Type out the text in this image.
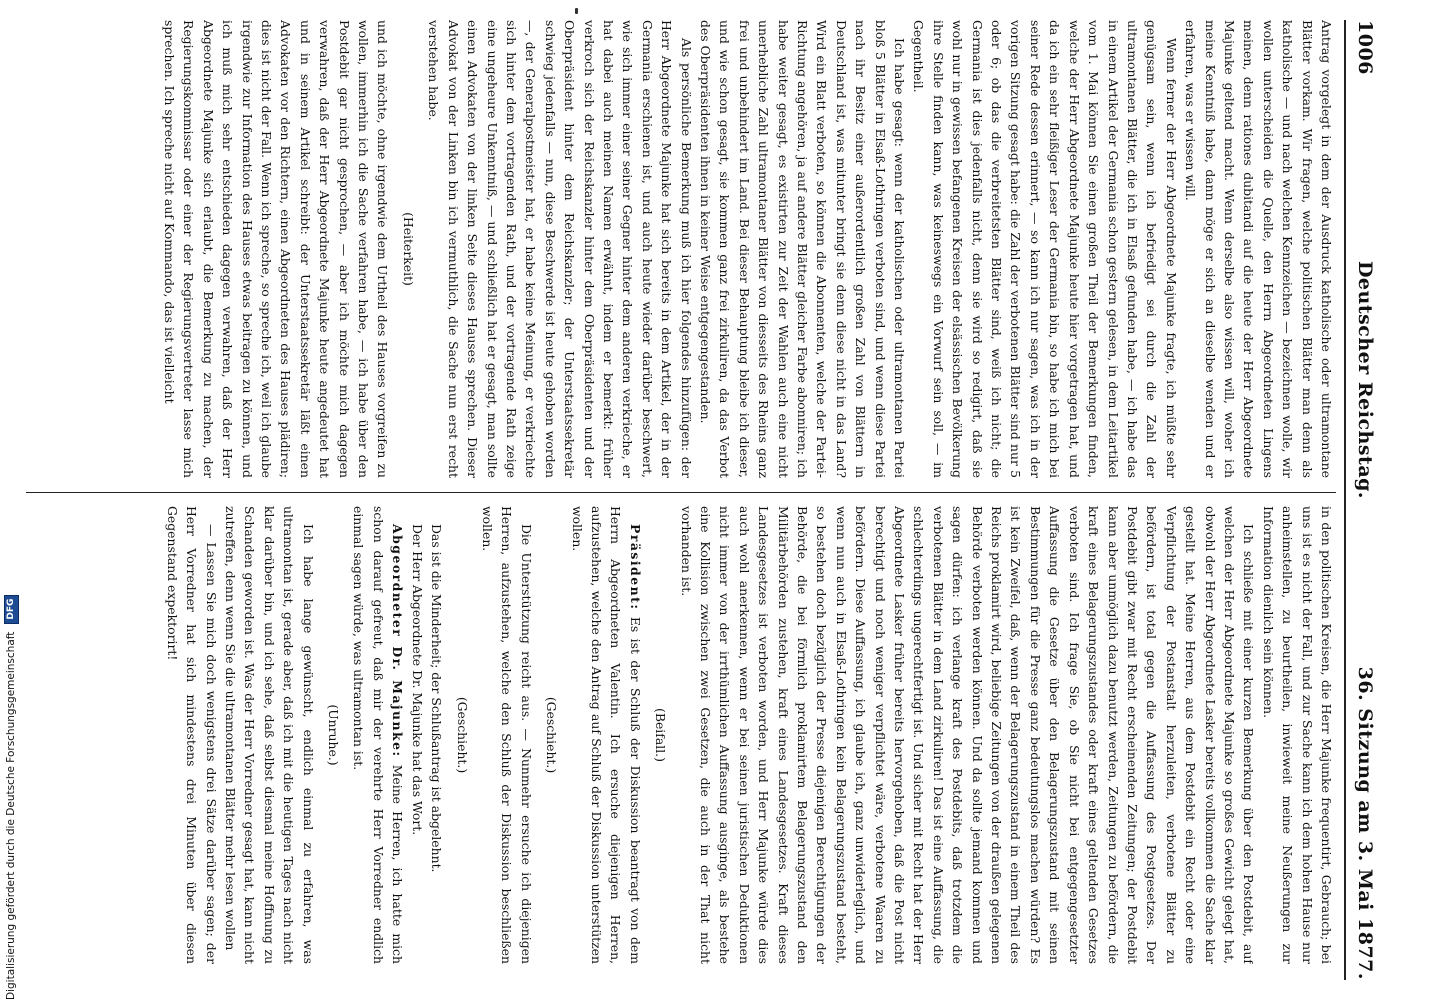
1006
Deutscher Reichstag.
36. Sitzung am 3. Mai 1877.

Antrag vorgelegt in dem der Ausdruck katholische oder ultramontane Blätter vorkam. Wir fragen, welche politischen Blätter man denn als katholische — und nach welchen Kennzeichen — bezeichnen wolle, wir wollen unterscheiden die Quelle, den Herrn Abgeordneten Lingens meinen, denn rationes dubitandi auf die heute der Herr Abgeordnete Majunke geltend macht. Wenn derselbe also wissen will, woher ich meine Kenntniß habe, dann möge er sich an dieselbe wenden und er erfahren, was er wissen will.

Wenn ferner der Herr Abgeordnete Majunke fragte, ich müßte sehr genügsam sein, wenn ich befriedigt sei durch die Zahl der ultramontanen Blätter, die ich in Elsaß gefunden habe, — ich habe das in einem Artikel der Germania schon gestern gelesen, in dem Leitartikel vom 1. Mai können Sie einen großen Theil der Bemerkungen finden, welche der Herr Abgeordnete Majunke heute hier vorgetragen hat, und da ich ein sehr fleißiger Leser der Germania bin, so habe ich mich bei seiner Rede dessen erinnert, — so kann ich nur sagen, was ich in der vorigen Sitzung gesagt habe: die Zahl der verbotenen Blätter sind nur 5 oder 6; ob das die verbreitetsten Blätter sind, weiß ich nicht; die Germania ist dies jedenfalls nicht, denn sie wird so redigirt, daß sie wohl nur in gewissen befangenen Kreisen der elsässischen Bevölkerung ihre Stelle finden kann, was keineswegs ein Vorwurf sein soll, — im Gegentheil.

Ich habe gesagt: wenn der katholischen oder ultramontanen Partei bloß 5 Blätter in Elsaß-Lothringen verboten sind, und wenn diese Partei nach ihr Besitz einer außerordentlich großen Zahl von Blättern in Deutschland ist, was mitunter bringt sie denn diese nicht in das Land? Wird ein Blatt verboten, so können die Abonnenten, welche der Partei-Richtung angehören, ja auf andere Blätter gleicher Farbe abonniren; ich habe weiter gesagt, es existirten zur Zeit der Wahlen auch eine nicht unerhebliche Zahl ultramontaner Blätter von diesseits des Rheins ganz frei und unbehindert im Land. Bei dieser Behauptung bleibe ich dieser, und wie schon gesagt, sie kommen ganz frei zirkuliren, da das Verbot des Oberpräsidenten ihnen in keiner Weise entgegengestanden.

Als persönliche Bemerkung muß ich hier folgendes hinzufügen: der Herr Abgeordnete Majunke hat sich bereits in dem Artikel, der in der Germania erschienen ist, und auch heute wieder darüber beschwert, wie sich immer einer seiner Gegner hinter dem anderen verkrieche, er hat dabei auch meinen Namen erwähnt, indem er bemerkt: früher verkroch sich der Reichskanzler hinter dem Oberpräsidenten und der Oberpräsident hinter dem Reichskanzler; der Unterstaatssekretär schwieg jedenfalls — nun, diese Beschwerde ist heute gehoben worden —, der Generalpostmeister hat, er habe keine Meinung, er verkriechte sich hinter dem vortragenden Rath, und der vortragende Rath zeige eine ungeheure Unkenntniß, — und schließlich hat er gesagt, man sollte einen Advokaten von der linken Seite dieses Hauses sprechen. Dieser Advokat von der Linken bin ich vermuthlich, die Sache nun erst recht verstehen habe.

(Heiterkeit)

und ich möchte, ohne irgendwie dem Urtheil des Hauses vorgreifen zu wollen, immerhin ich die Sache verfahren habe, — ich habe über den Postdebit gar nicht gesprochen, — aber ich möchte mich dagegen verwahren, daß der Herr Abgeordnete Majunke heute angedeutet hat und in seinem Artikel schreibt: der Unterstaatssekretär läßt einen Advokaten vor den Richtern, einen Abgeordneten des Hauses plädiren; dies ist nicht der Fall. Wenn ich spreche, so spreche ich, weil ich glaube irgendwie zur Information des Hauses etwas beitragen zu können, und ich muß mich sehr entschieden dagegen verwahren, daß der Herr Abgeordnete Majunke sich erlaubt, die Bemerkung zu machen, der Regierungskommissar oder einer der Regierungsvertreter lasse mich sprechen. Ich spreche nicht auf Kommando, das ist vielleicht

in den politischen Kreisen, die Herr Majunke frequentirt, Gebrauch; bei uns ist es nicht der Fall, und zur Sache kann ich dem hohen Hause nur anheimstellen, zu beurtheilen, inwieweit meine Neußerungen zur Information dienlich sein können.

Ich schließe mit einer kurzen Bemerkung über den Postdebit, auf welchen der Herr Abgeordnete Majunke so großes Gewicht gelegt hat, obwohl der Herr Abgeordnete Lasker bereits vollkommen die Sache klar gestellt hat. Meine Herren, aus dem Postdebit ein Recht oder eine Verpflichtung der Postanstalt herzuleiten, verbotene Blätter zu befördern, ist total gegen die Auffassung des Postgesetzes. Der Postdebit gibt zwar mit Recht erscheinenden Zeitungen; der Postdebit kann aber unmöglich dazu benutzt werden, Zeitungen zu befördern, die kraft eines Belagerungszustandes oder kraft eines geltenden Gesetzes verboten sind. Ich frage Sie, ob Sie nicht bei entgegengesetzter Auffassung die Gesetze über den Belagerungszustand mit seinen Bestimmungen für die Presse ganz bedeutungslos machen würden? Es ist kein Zweifel, daß, wenn der Belagerungszustand in einem Theil des Reichs proklamirt wird, beliebige Zeitungen von der draußen gelegenen Behörde verboten werden können. Und da sollte jemand kommen und sagen dürfen: ich verlange kraft des Postdebits, daß trotzdem die verbotenen Blätter in dem Land zirkuliren! Das ist eine Auffassung, die schlechterdings ungerechtfertigt ist. Und sicher mit Recht hat der Herr Abgeordnete Lasker früher bereits hervorgehoben, daß die Post nicht berechtigt und noch weniger verpflichtet wäre, verbotene Waaren zu befördern. Diese Auffassung, ich glaube ich, ganz unwiderleglich, und wenn nun auch in Elsaß-Lothringen kein Belagerungszustand besteht, so bestehen doch bezüglich der Presse diejenigen Berechtigungen der Behörde, die bei förmlich proklamirtem Belagerungszustand den Militärbehörden zustehen, kraft eines Landesgesetzes. Kraft dieses Landesgesetzes ist verboten worden, und Herr Majunke würde dies auch wohl anerkennen, wenn er bei seinen juristischen Deduktionen nicht immer von der irrthümlichen Auffassung ausginge, als bestehe eine Kollision zwischen zwei Gesetzen, die auch in der That nicht vorhanden ist.

(Beifall.)

Präsident: Es ist der Schluß der Diskussion beantragt von dem Herrn Abgeordneten Valentin. Ich ersuche diejenigen Herren, aufzustehen, welche den Antrag auf Schluß der Diskussion unterstützen wollen.

(Geschieht.)

Die Unterstützung reicht aus. — Nunmehr ersuche ich diejenigen Herren, aufzustehen, welche den Schluß der Diskussion beschließen wollen.

(Geschieht.)

Das ist die Minderheit; der Schlußantrag ist abgelehnt.

Der Herr Abgeordnete Dr. Majunke hat das Wort.

Abgeordneter Dr. Majunke: Meine Herren, ich hatte mich schon darauf gefreut, daß mir der verehrte Herr Vorredner endlich einmal sagen würde, was ultramontan ist.

(Unruhe.)

Ich habe lange gewünscht, endlich einmal zu erfahren, was ultramontan ist, gerade aber, daß ich mit die heutigen Tages nach nicht klar darüber bin, und ich sehe, daß selbst diesmal meine Hoffnung zu Schanden geworden ist. Was der Herr Vorredner gesagt hat, kann nicht zutreffen, denn wenn Sie die ultramontanen Blätter mehr lesen wollen

— Lassen Sie mich doch wenigstens drei Sätze darüber sagen; der Herr Vorredner hat sich mindestens drei Minuten über diesen Gegenstand expektorirt!

Digitalisierung gefördert durch die Deutsche Forschungsgemeinschaft
DFG
